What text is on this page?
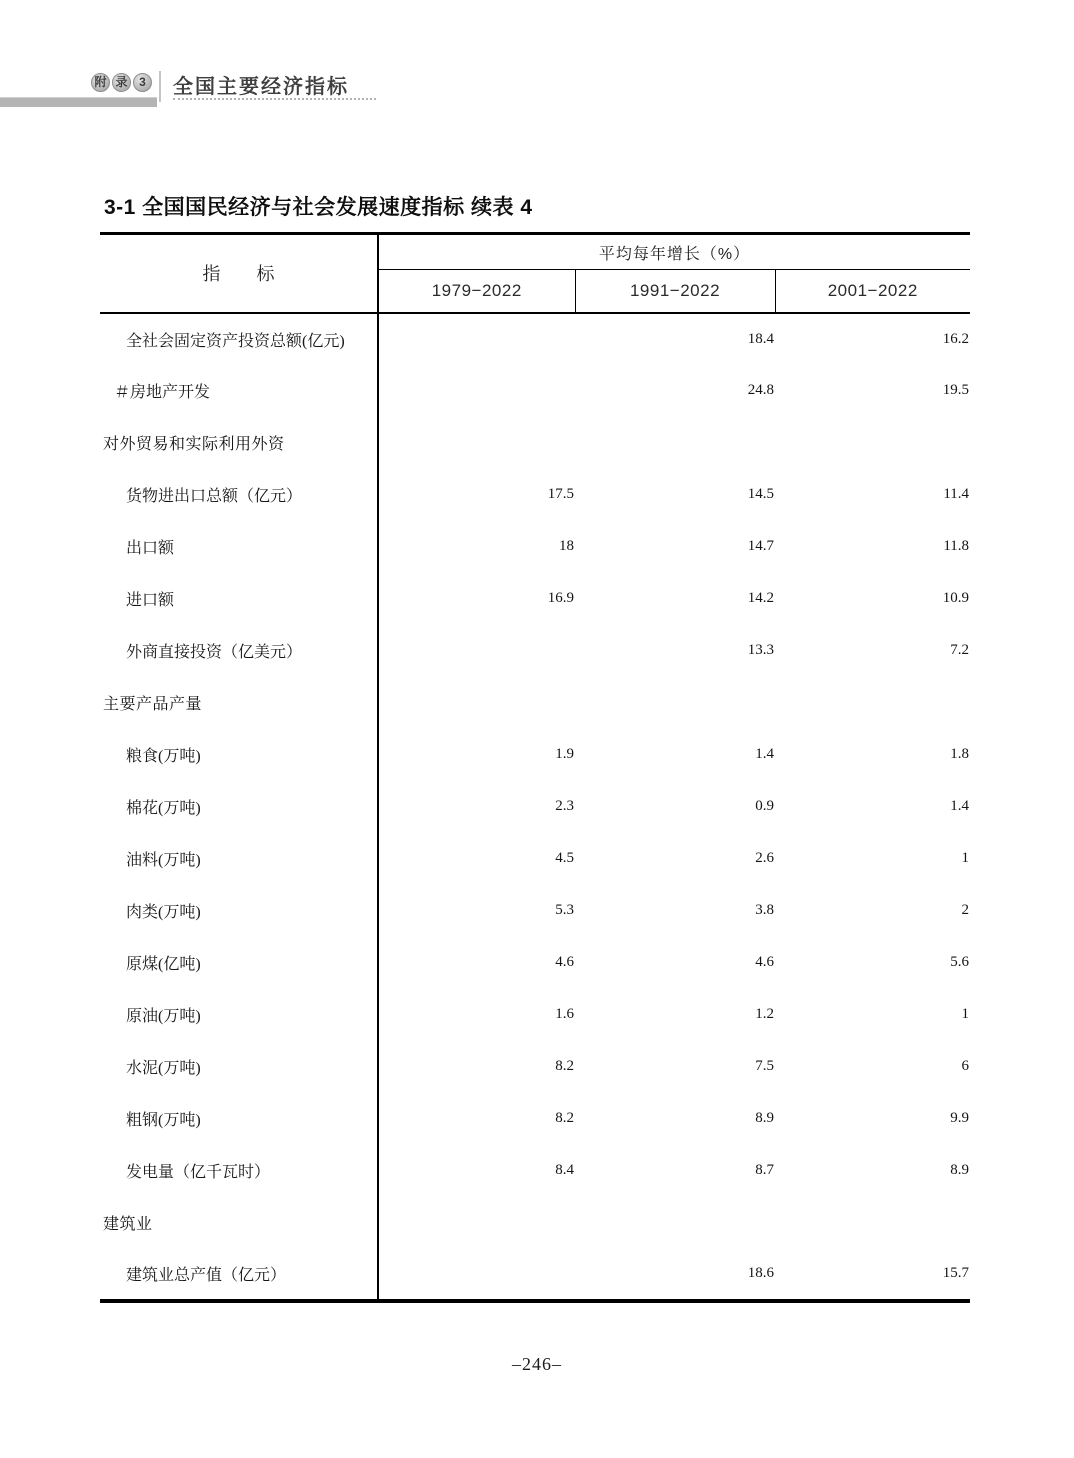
附 录 3	全国主要经济指标
3-1 全国国民经济与社会发展速度指标 续表 4
指　　标	平均每年增长（%）		
	1979−2022	1991−2022	2001−2022
全社会固定资产投资总额(亿元)		18.4	16.2
＃房地产开发		24.8	19.5
对外贸易和实际利用外资			
货物进出口总额（亿元）	17.5	14.5	11.4
出口额	18	14.7	11.8
进口额	16.9	14.2	10.9
外商直接投资（亿美元）		13.3	7.2
主要产品产量			
粮食(万吨)	1.9	1.4	1.8
棉花(万吨)	2.3	0.9	1.4
油料(万吨)	4.5	2.6	1
肉类(万吨)	5.3	3.8	2
原煤(亿吨)	4.6	4.6	5.6
原油(万吨)	1.6	1.2	1
水泥(万吨)	8.2	7.5	6
粗钢(万吨)	8.2	8.9	9.9
发电量（亿千瓦时）	8.4	8.7	8.9
建筑业			
建筑业总产值（亿元）		18.6	15.7
–246–
